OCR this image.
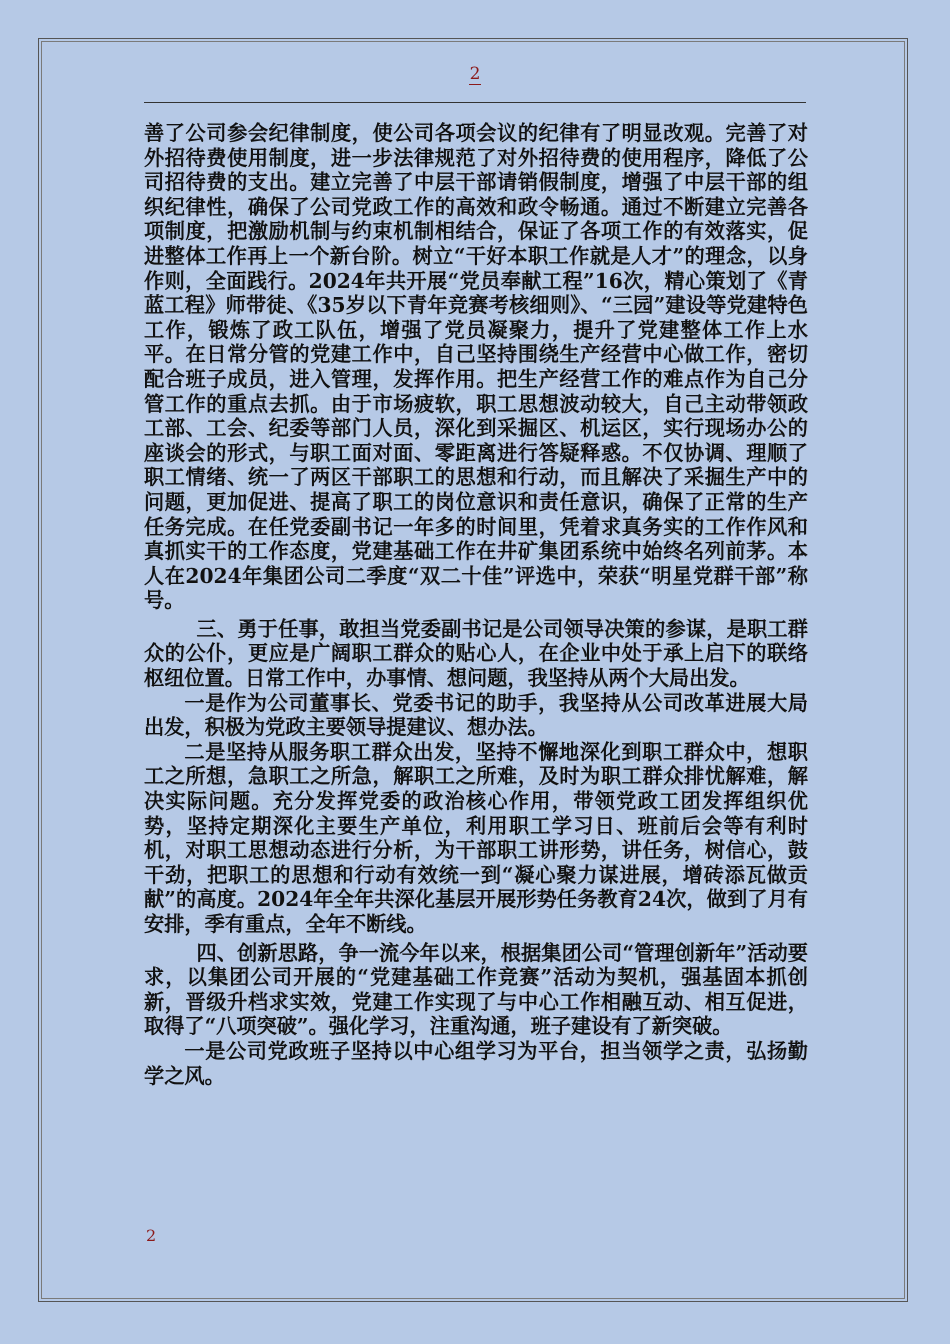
2

善了公司参会纪律制度，使公司各项会议的纪律有了明显改观。完善了对外招待费使用制度，进一步法律规范了对外招待费的使用程序，降低了公司招待费的支出。建立完善了中层干部请销假制度，增强了中层干部的组织纪律性，确保了公司党政工作的高效和政令畅通。通过不断建立完善各项制度，把激励机制与约束机制相结合，保证了各项工作的有效落实，促进整体工作再上一个新台阶。树立“干好本职工作就是人才”的理念，以身作则，全面践行。2024年共开展“党员奉献工程”16次，精心策划了《青蓝工程》师带徒、《35岁以下青年竞赛考核细则》、“三园”建设等党建特色工作，锻炼了政工队伍，增强了党员凝聚力，提升了党建整体工作上水平。在日常分管的党建工作中，自己坚持围绕生产经营中心做工作，密切配合班子成员，进入管理，发挥作用。把生产经营工作的难点作为自己分管工作的重点去抓。由于市场疲软，职工思想波动较大，自己主动带领政工部、工会、纪委等部门人员，深化到采掘区、机运区，实行现场办公的座谈会的形式，与职工面对面、零距离进行答疑释惑。不仅协调、理顺了职工情绪、统一了两区干部职工的思想和行动，而且解决了采掘生产中的问题，更加促进、提高了职工的岗位意识和责任意识，确保了正常的生产任务完成。在任党委副书记一年多的时间里，凭着求真务实的工作作风和真抓实干的工作态度，党建基础工作在井矿集团系统中始终名列前茅。本人在2024年集团公司二季度“双二十佳”评选中，荣获“明星党群干部”称号。

三、勇于任事，敢担当党委副书记是公司领导决策的参谋，是职工群众的公仆，更应是广阔职工群众的贴心人，在企业中处于承上启下的联络枢纽位置。日常工作中，办事情、想问题，我坚持从两个大局出发。

一是作为公司董事长、党委书记的助手，我坚持从公司改革进展大局出发，积极为党政主要领导提建议、想办法。

二是坚持从服务职工群众出发，坚持不懈地深化到职工群众中，想职工之所想，急职工之所急，解职工之所难，及时为职工群众排忧解难，解决实际问题。充分发挥党委的政治核心作用，带领党政工团发挥组织优势，坚持定期深化主要生产单位，利用职工学习日、班前后会等有利时机，对职工思想动态进行分析，为干部职工讲形势，讲任务，树信心，鼓干劲，把职工的思想和行动有效统一到“凝心聚力谋进展，增砖添瓦做贡献”的高度。2024年全年共深化基层开展形势任务教育24次，做到了月有安排，季有重点，全年不断线。

四、创新思路，争一流今年以来，根据集团公司“管理创新年”活动要求，以集团公司开展的“党建基础工作竞赛”活动为契机，强基固本抓创新，晋级升档求实效，党建工作实现了与中心工作相融互动、相互促进，取得了“八项突破”。强化学习，注重沟通，班子建设有了新突破。

一是公司党政班子坚持以中心组学习为平台，担当领学之责，弘扬勤学之风。

2
